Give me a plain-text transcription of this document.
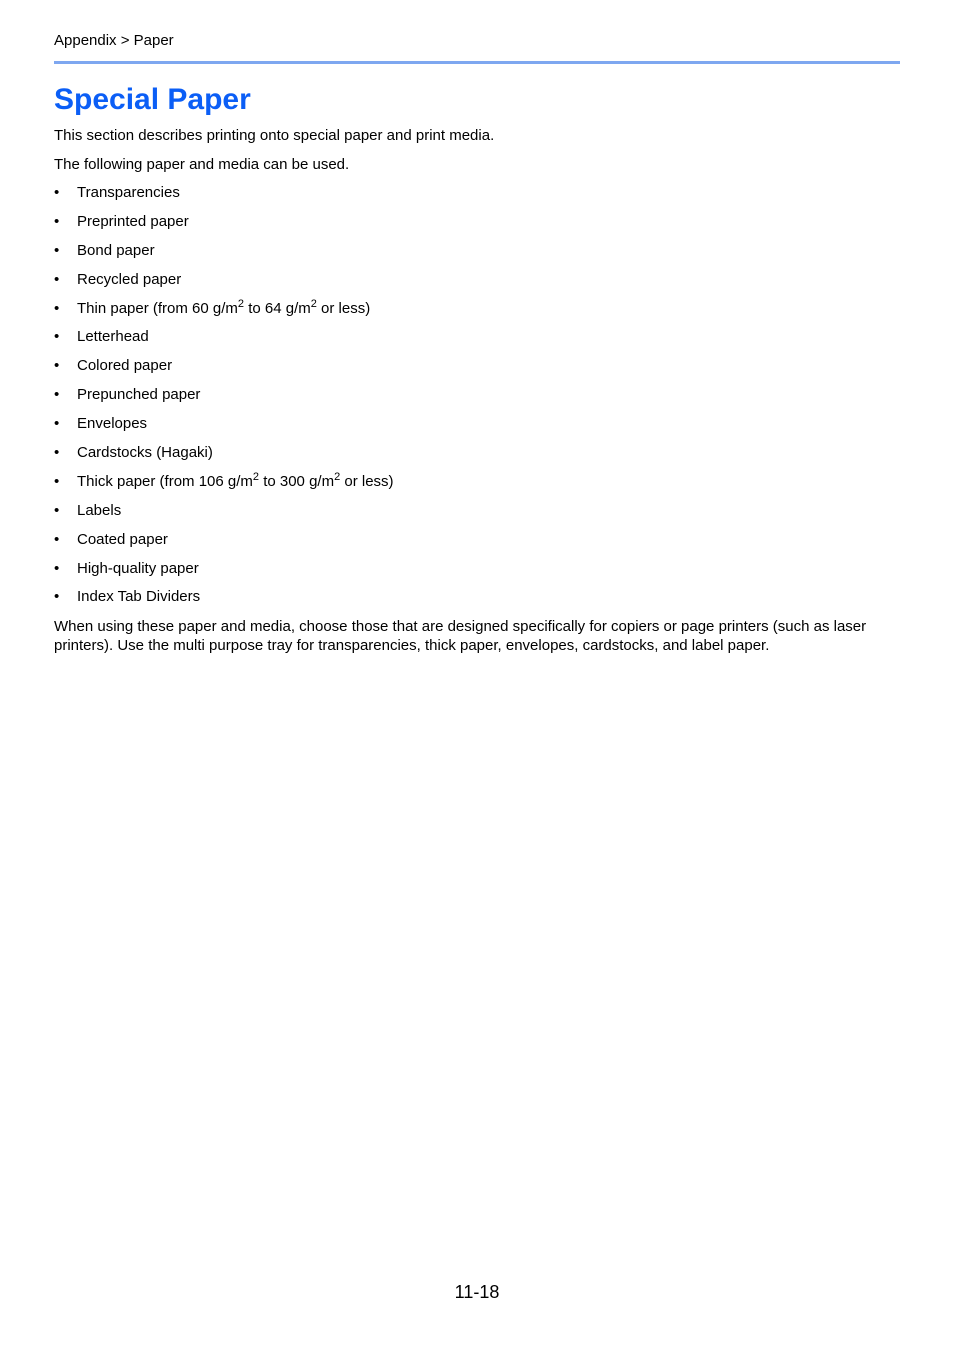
Appendix > Paper
Special Paper
This section describes printing onto special paper and print media.
The following paper and media can be used.
•	Transparencies
•	Preprinted paper
•	Bond paper
•	Recycled paper
•	Thin paper (from 60 $g/m^2$ to 64 $g/m^2$ or less)
•	Letterhead
•	Colored paper
•	Prepunched paper
•	Envelopes
•	Cardstocks (Hagaki)
•	Thick paper (from 106 $g/m^2$ to 300 $g/m^2$ or less)
•	Labels
•	Coated paper
•	High-quality paper
•	Index Tab Dividers
When using these paper and media, choose those that are designed specifically for copiers or page printers (such as laser printers). Use the multi purpose tray for transparencies, thick paper, envelopes, cardstocks, and label paper.
11-18
